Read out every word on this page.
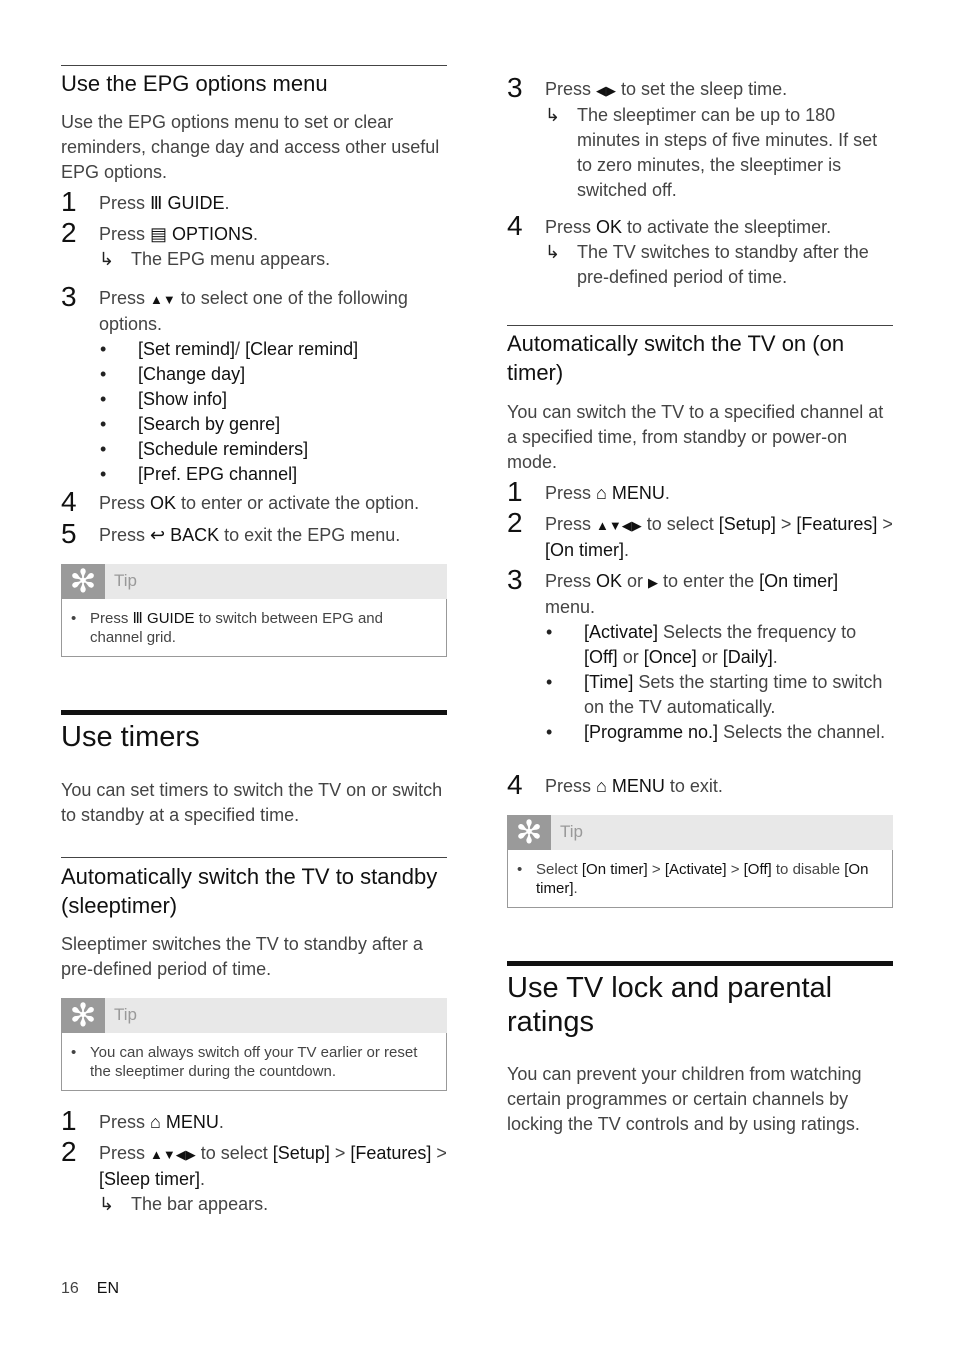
Use the EPG options menu

Use the EPG options menu to set or clear reminders, change day and access other useful EPG options.

1 Press Ⅲ GUIDE.
2 Press ▤ OPTIONS.
↳ The EPG menu appears.
3 Press ▲▼ to select one of the following options.
• [Set remind]/ [Clear remind]
• [Change day]
• [Show info]
• [Search by genre]
• [Schedule reminders]
• [Pref. EPG channel]
4 Press OK to enter or activate the option.
5 Press ↩ BACK to exit the EPG menu.
✻	Tip
• Press Ⅲ GUIDE to switch between EPG and channel grid.
Use timers

You can set timers to switch the TV on or switch to standby at a specified time.

Automatically switch the TV to standby (sleeptimer)

Sleeptimer switches the TV to standby after a pre-defined period of time.

✻	Tip
• You can always switch off your TV earlier or reset the sleeptimer during the countdown.
1 Press ⌂ MENU.
2 Press ▲▼◀▶ to select [Setup] > [Features] > [Sleep timer].
↳ The bar appears.
16 EN
3 Press ◀▶ to set the sleep time.
↳ The sleeptimer can be up to 180 minutes in steps of five minutes. If set to zero minutes, the sleeptimer is switched off.
4 Press OK to activate the sleeptimer.
↳ The TV switches to standby after the pre-defined period of time.
Automatically switch the TV on (on timer)

You can switch the TV to a specified channel at a specified time, from standby or power-on mode.

1 Press ⌂ MENU.
2 Press ▲▼◀▶ to select [Setup] > [Features] > [On timer].
3 Press OK or ▶ to enter the [On timer] menu.
• [Activate] Selects the frequency to [Off] or [Once] or [Daily].
• [Time] Sets the starting time to switch on the TV automatically.
• [Programme no.] Selects the channel.
4 Press ⌂ MENU to exit.
✻	Tip
• Select [On timer] > [Activate] > [Off] to disable [On timer].
Use TV lock and parental ratings

You can prevent your children from watching certain programmes or certain channels by locking the TV controls and by using ratings.
